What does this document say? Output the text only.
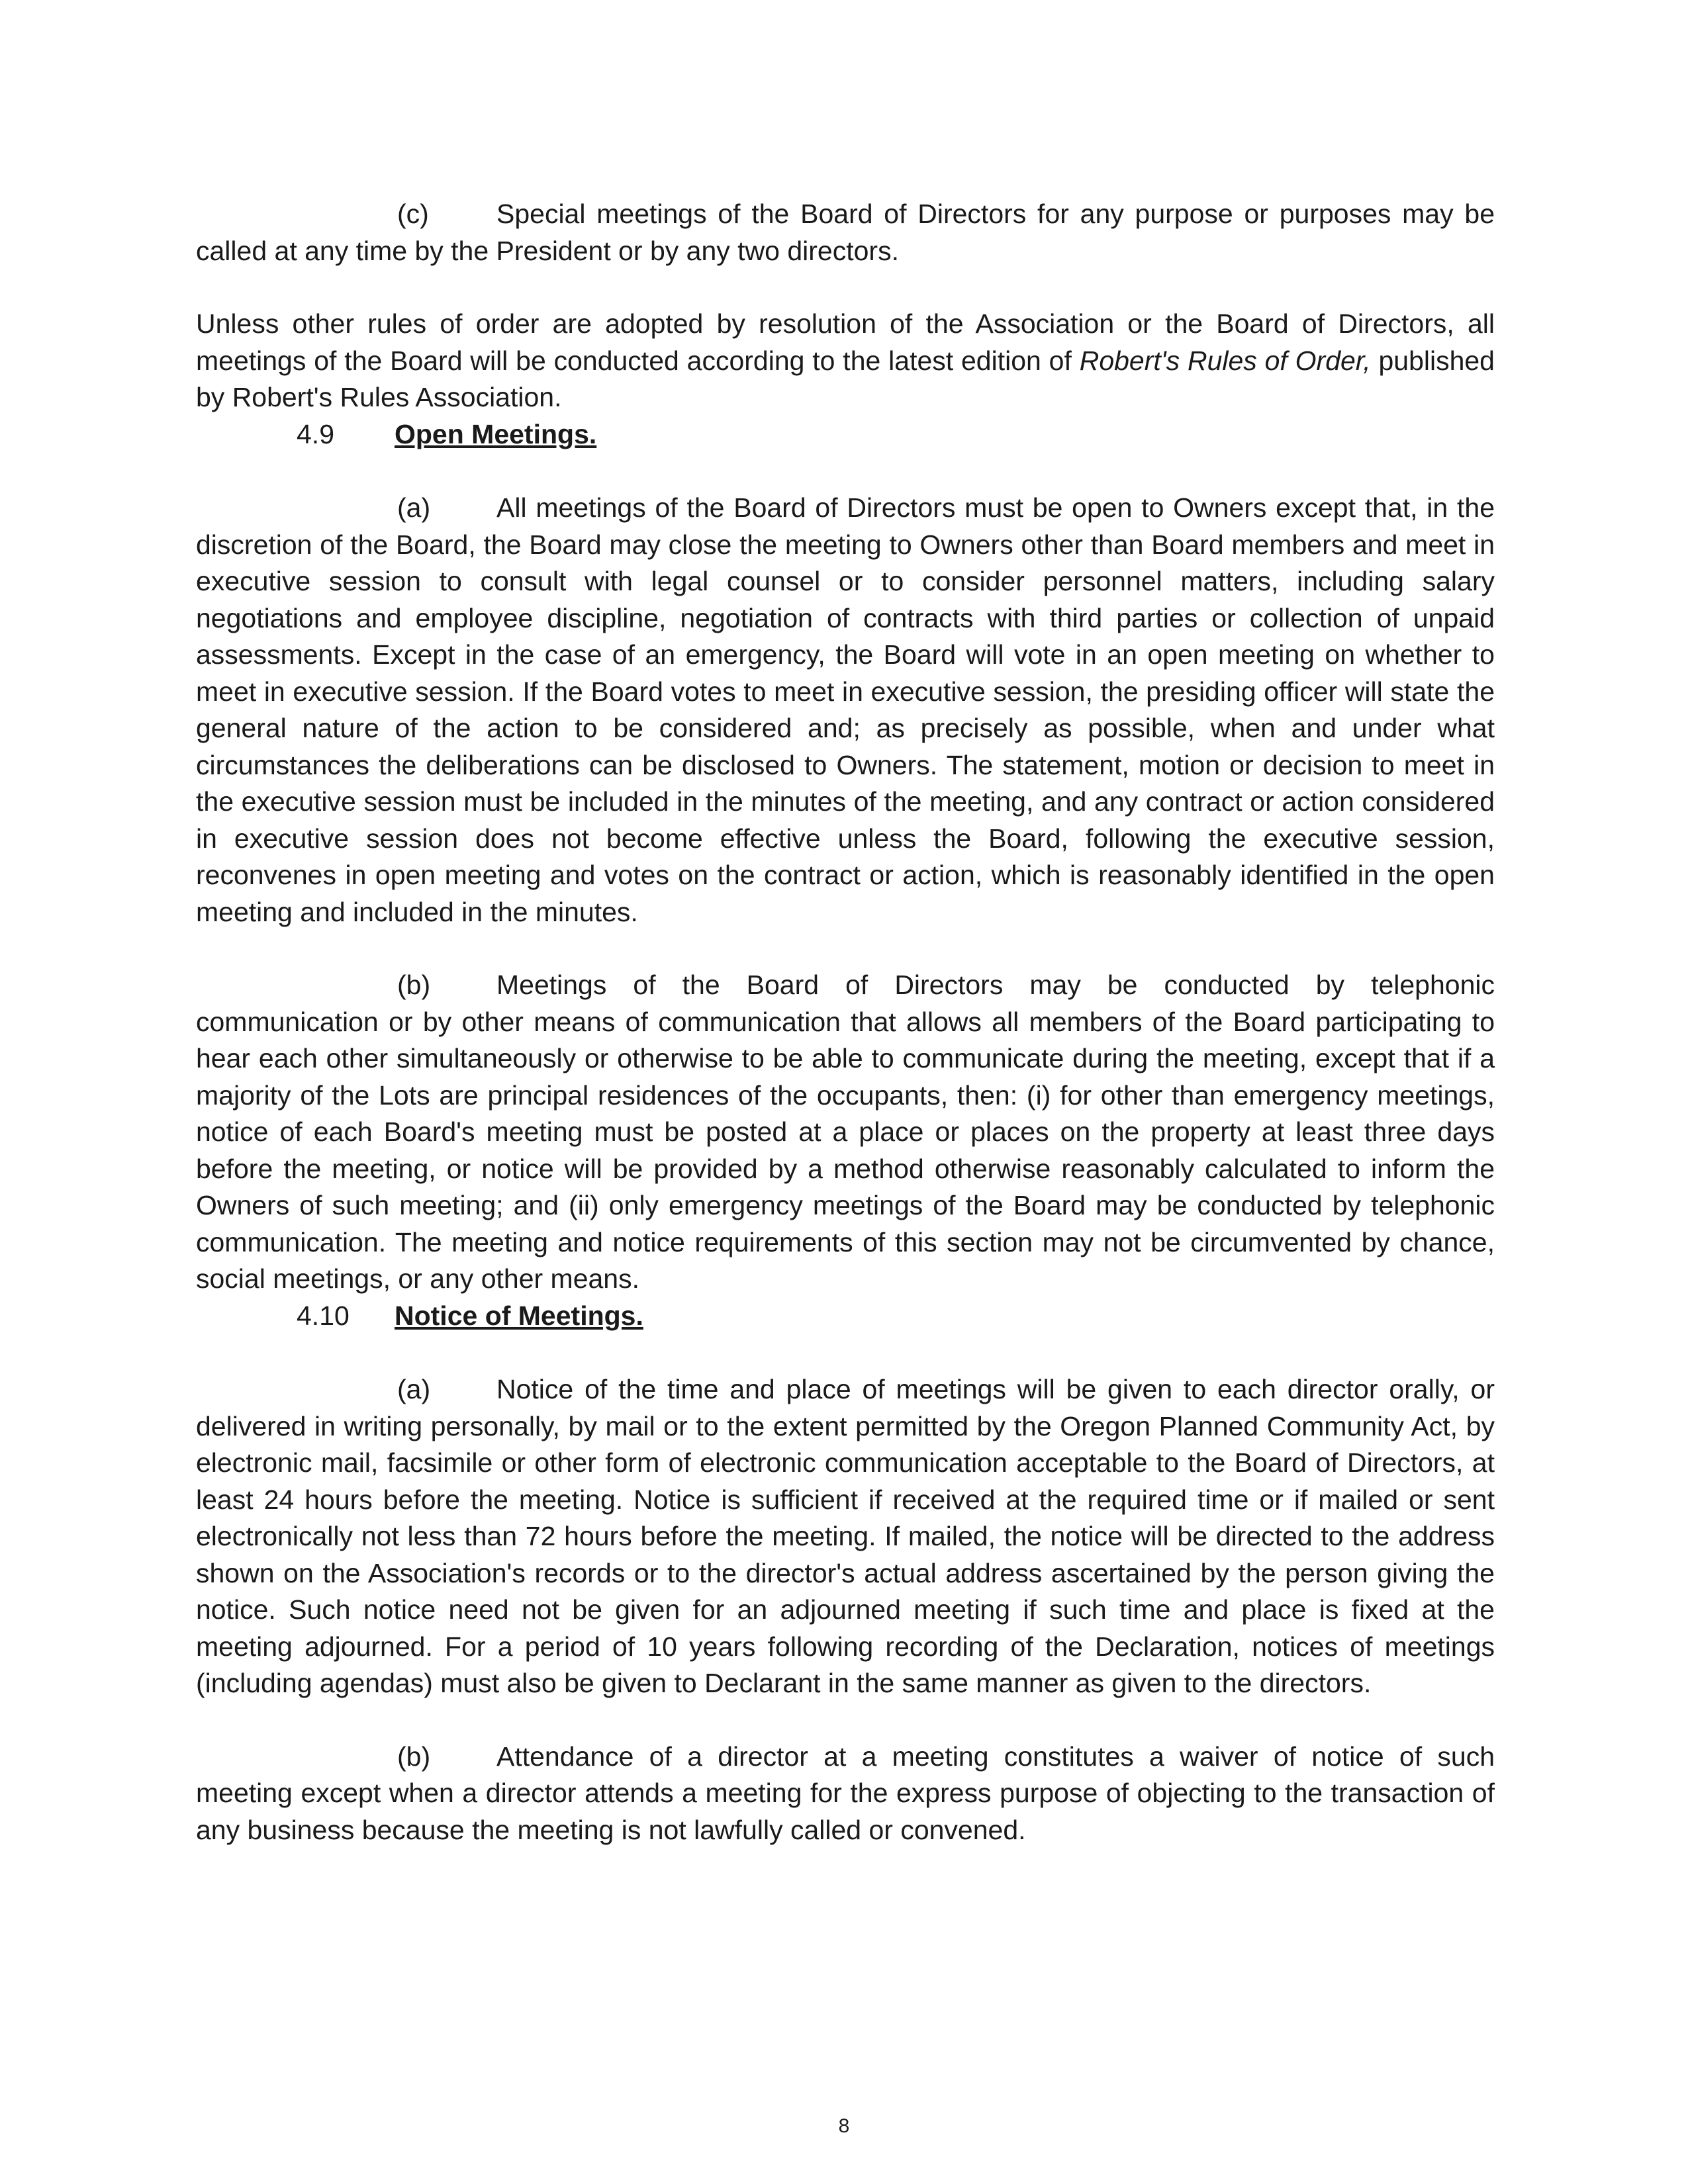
(c) Special meetings of the Board of Directors for any purpose or purposes may be called at any time by the President or by any two directors.

Unless other rules of order are adopted by resolution of the Association or the Board of Directors, all meetings of the Board will be conducted according to the latest edition of Robert's Rules of Order, published by Robert's Rules Association.

4.9 Open Meetings.

(a) All meetings of the Board of Directors must be open to Owners except that, in the discretion of the Board, the Board may close the meeting to Owners other than Board members and meet in executive session to consult with legal counsel or to consider personnel matters, including salary negotiations and employee discipline, negotiation of contracts with third parties or collection of unpaid assessments. Except in the case of an emergency, the Board will vote in an open meeting on whether to meet in executive session. If the Board votes to meet in executive session, the presiding officer will state the general nature of the action to be considered and; as precisely as possible, when and under what circumstances the deliberations can be disclosed to Owners. The statement, motion or decision to meet in the executive session must be included in the minutes of the meeting, and any contract or action considered in executive session does not become effective unless the Board, following the executive session, reconvenes in open meeting and votes on the contract or action, which is reasonably identified in the open meeting and included in the minutes.

(b) Meetings of the Board of Directors may be conducted by telephonic communication or by other means of communication that allows all members of the Board participating to hear each other simultaneously or otherwise to be able to communicate during the meeting, except that if a majority of the Lots are principal residences of the occupants, then: (i) for other than emergency meetings, notice of each Board's meeting must be posted at a place or places on the property at least three days before the meeting, or notice will be provided by a method otherwise reasonably calculated to inform the Owners of such meeting; and (ii) only emergency meetings of the Board may be conducted by telephonic communication. The meeting and notice requirements of this section may not be circumvented by chance, social meetings, or any other means.

4.10 Notice of Meetings.

(a) Notice of the time and place of meetings will be given to each director orally, or delivered in writing personally, by mail or to the extent permitted by the Oregon Planned Community Act, by electronic mail, facsimile or other form of electronic communication acceptable to the Board of Directors, at least 24 hours before the meeting. Notice is sufficient if received at the required time or if mailed or sent electronically not less than 72 hours before the meeting. If mailed, the notice will be directed to the address shown on the Association's records or to the director's actual address ascertained by the person giving the notice. Such notice need not be given for an adjourned meeting if such time and place is fixed at the meeting adjourned. For a period of 10 years following recording of the Declaration, notices of meetings (including agendas) must also be given to Declarant in the same manner as given to the directors.

(b) Attendance of a director at a meeting constitutes a waiver of notice of such meeting except when a director attends a meeting for the express purpose of objecting to the transaction of any business because the meeting is not lawfully called or convened.

8
